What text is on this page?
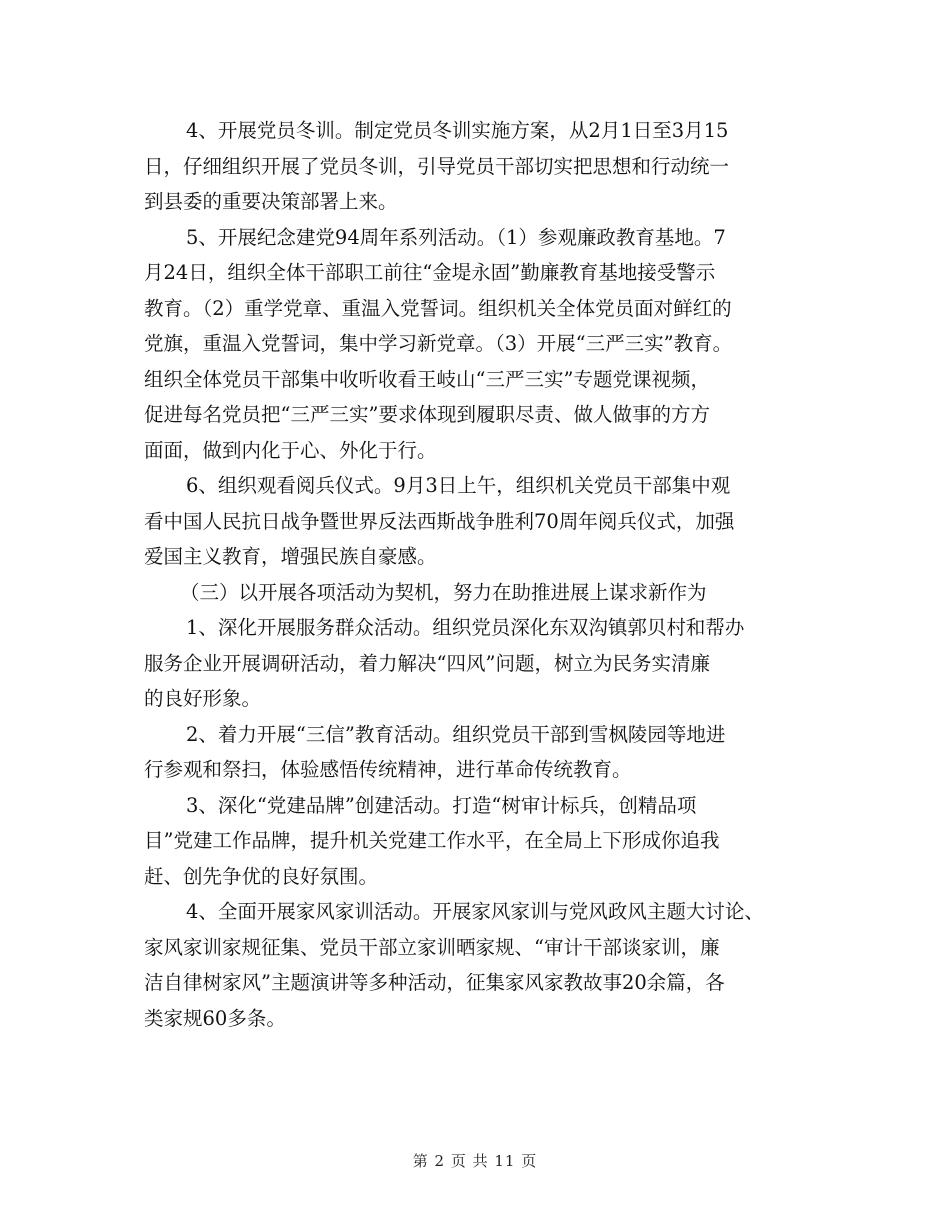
4、开展党员冬训。制定党员冬训实施方案，从2月1日至3月15
日，仔细组织开展了党员冬训，引导党员干部切实把思想和行动统一
到县委的重要决策部署上来。

5、开展纪念建党94周年系列活动。（1）参观廉政教育基地。7
月24日，组织全体干部职工前往“金堤永固”勤廉教育基地接受警示
教育。（2）重学党章、重温入党誓词。组织机关全体党员面对鲜红的
党旗，重温入党誓词，集中学习新党章。（3）开展“三严三实”教育。
组织全体党员干部集中收听收看王岐山“三严三实”专题党课视频，
促进每名党员把“三严三实”要求体现到履职尽责、做人做事的方方
面面，做到内化于心、外化于行。

6、组织观看阅兵仪式。9月3日上午，组织机关党员干部集中观
看中国人民抗日战争暨世界反法西斯战争胜利70周年阅兵仪式，加强
爱国主义教育，增强民族自豪感。

（三）以开展各项活动为契机，努力在助推进展上谋求新作为

1、深化开展服务群众活动。组织党员深化东双沟镇郭贝村和帮办
服务企业开展调研活动，着力解决“四风”问题，树立为民务实清廉
的良好形象。

2、着力开展“三信”教育活动。组织党员干部到雪枫陵园等地进
行参观和祭扫，体验感悟传统精神，进行革命传统教育。

3、深化“党建品牌”创建活动。打造“树审计标兵，创精品项
目”党建工作品牌，提升机关党建工作水平，在全局上下形成你追我
赶、创先争优的良好氛围。

4、全面开展家风家训活动。开展家风家训与党风政风主题大讨论、
家风家训家规征集、党员干部立家训晒家规、“审计干部谈家训，廉
洁自律树家风”主题演讲等多种活动，征集家风家教故事20余篇，各
类家规60多条。

第 2 页 共 11 页
